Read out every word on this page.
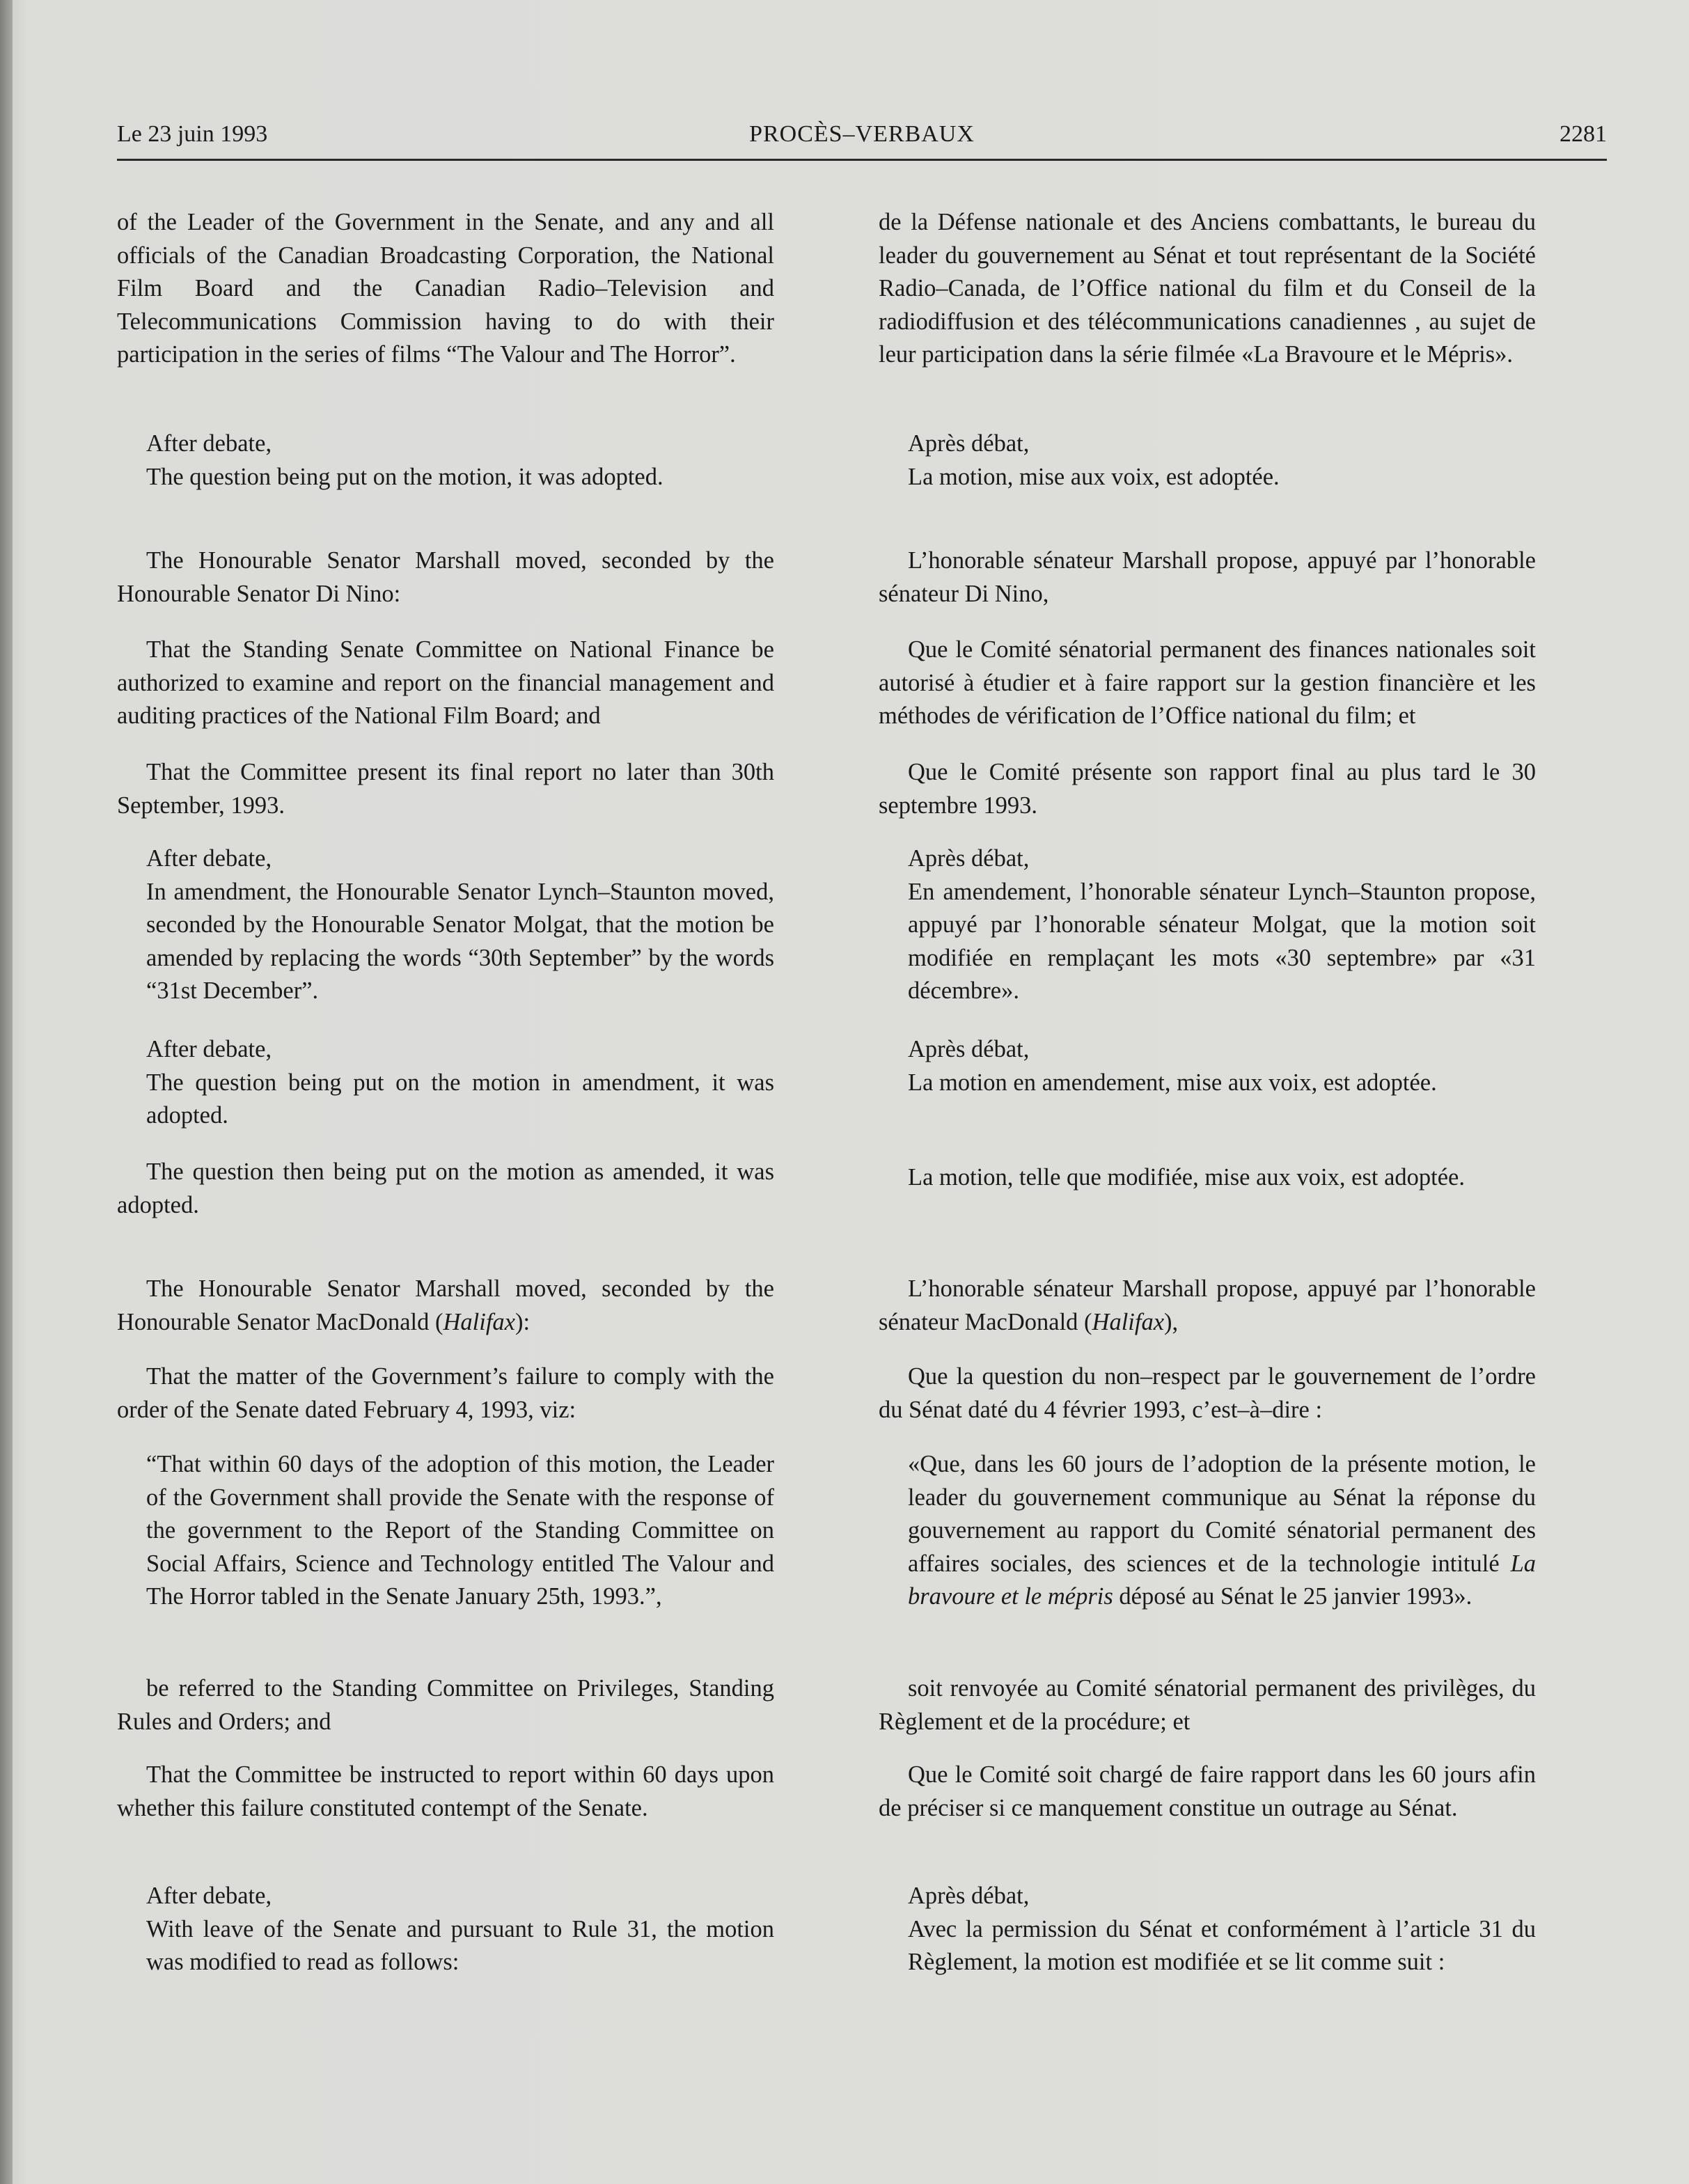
Le 23 juin 1993	PROCÈS–VERBAUX	2281

of the Leader of the Government in the Senate, and any and all officials of the Canadian Broadcasting Corporation, the National Film Board and the Canadian Radio–Television and Telecommunications Commission having to do with their participation in the series of films “The Valour and The Horror”.

After debate,
The question being put on the motion, it was adopted.

The Honourable Senator Marshall moved, seconded by the Honourable Senator Di Nino:

That the Standing Senate Committee on National Finance be authorized to examine and report on the financial management and auditing practices of the National Film Board; and

That the Committee present its final report no later than 30th September, 1993.

After debate,
In amendment, the Honourable Senator Lynch–Staunton moved, seconded by the Honourable Senator Molgat, that the motion be amended by replacing the words “30th September” by the words “31st December”.

After debate,
The question being put on the motion in amendment, it was adopted.

The question then being put on the motion as amended, it was adopted.

The Honourable Senator Marshall moved, seconded by the Honourable Senator MacDonald (Halifax):

That the matter of the Government’s failure to comply with the order of the Senate dated February 4, 1993, viz:

“That within 60 days of the adoption of this motion, the Leader of the Government shall provide the Senate with the response of the government to the Report of the Standing Committee on Social Affairs, Science and Technology entitled The Valour and The Horror tabled in the Senate January 25th, 1993.”,

be referred to the Standing Committee on Privileges, Standing Rules and Orders; and

That the Committee be instructed to report within 60 days upon whether this failure constituted contempt of the Senate.

After debate,
With leave of the Senate and pursuant to Rule 31, the motion was modified to read as follows:

de la Défense nationale et des Anciens combattants, le bureau du leader du gouvernement au Sénat et tout représentant de la Société Radio–Canada, de l’Office national du film et du Conseil de la radiodiffusion et des télécommunications canadiennes , au sujet de leur participation dans la série filmée «La Bravoure et le Mépris».

Après débat,
La motion, mise aux voix, est adoptée.

L’honorable sénateur Marshall propose, appuyé par l’honorable sénateur Di Nino,

Que le Comité sénatorial permanent des finances nationales soit autorisé à étudier et à faire rapport sur la gestion financière et les méthodes de vérification de l’Office national du film; et

Que le Comité présente son rapport final au plus tard le 30 septembre 1993.

Après débat,
En amendement, l’honorable sénateur Lynch–Staunton propose, appuyé par l’honorable sénateur Molgat, que la motion soit modifiée en remplaçant les mots «30 septembre» par «31 décembre».

Après débat,
La motion en amendement, mise aux voix, est adoptée.

La motion, telle que modifiée, mise aux voix, est adoptée.

L’honorable sénateur Marshall propose, appuyé par l’honorable sénateur MacDonald (Halifax),

Que la question du non–respect par le gouvernement de l’ordre du Sénat daté du 4 février 1993, c’est–à–dire :

«Que, dans les 60 jours de l’adoption de la présente motion, le leader du gouvernement communique au Sénat la réponse du gouvernement au rapport du Comité sénatorial permanent des affaires sociales, des sciences et de la technologie intitulé La bravoure et le mépris déposé au Sénat le 25 janvier 1993».

soit renvoyée au Comité sénatorial permanent des privilèges, du Règlement et de la procédure; et

Que le Comité soit chargé de faire rapport dans les 60 jours afin de préciser si ce manquement constitue un outrage au Sénat.

Après débat,
Avec la permission du Sénat et conformément à l’article 31 du Règlement, la motion est modifiée et se lit comme suit :
